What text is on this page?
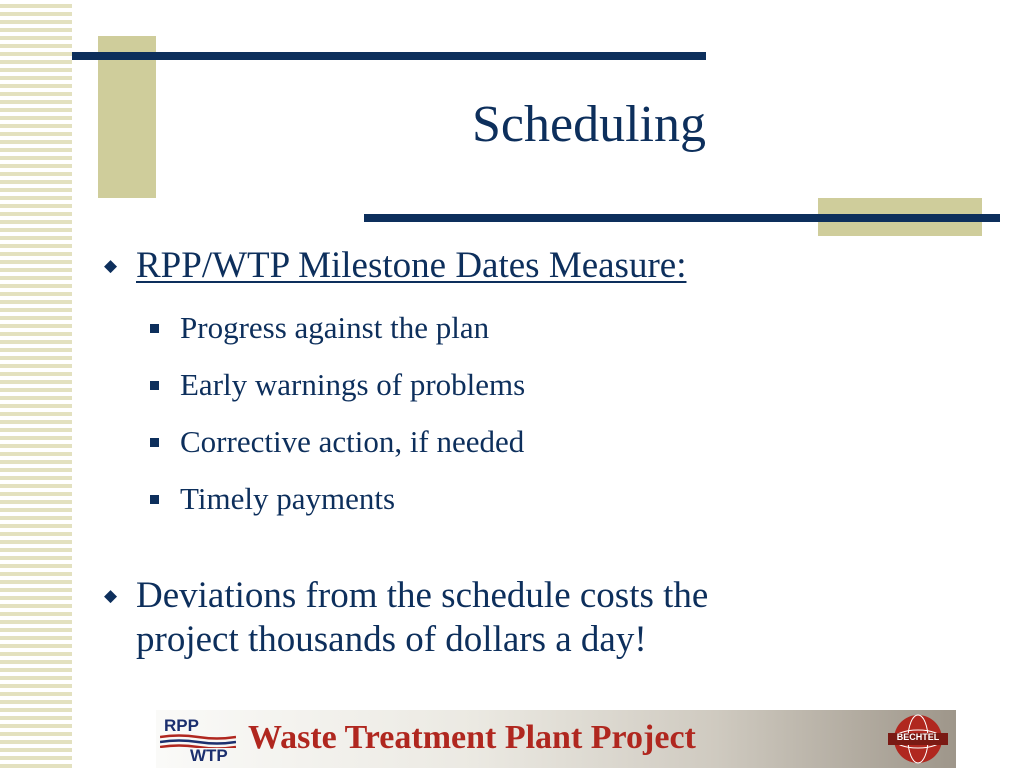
Scheduling
◆ RPP/WTP Milestone Dates Measure:
Progress against the plan
Early warnings of problems
Corrective action, if needed
Timely payments
◆ Deviations from the schedule costs the
project thousands of dollars a day!
RPP
WTP Waste Treatment Plant Project	BECHTEL
